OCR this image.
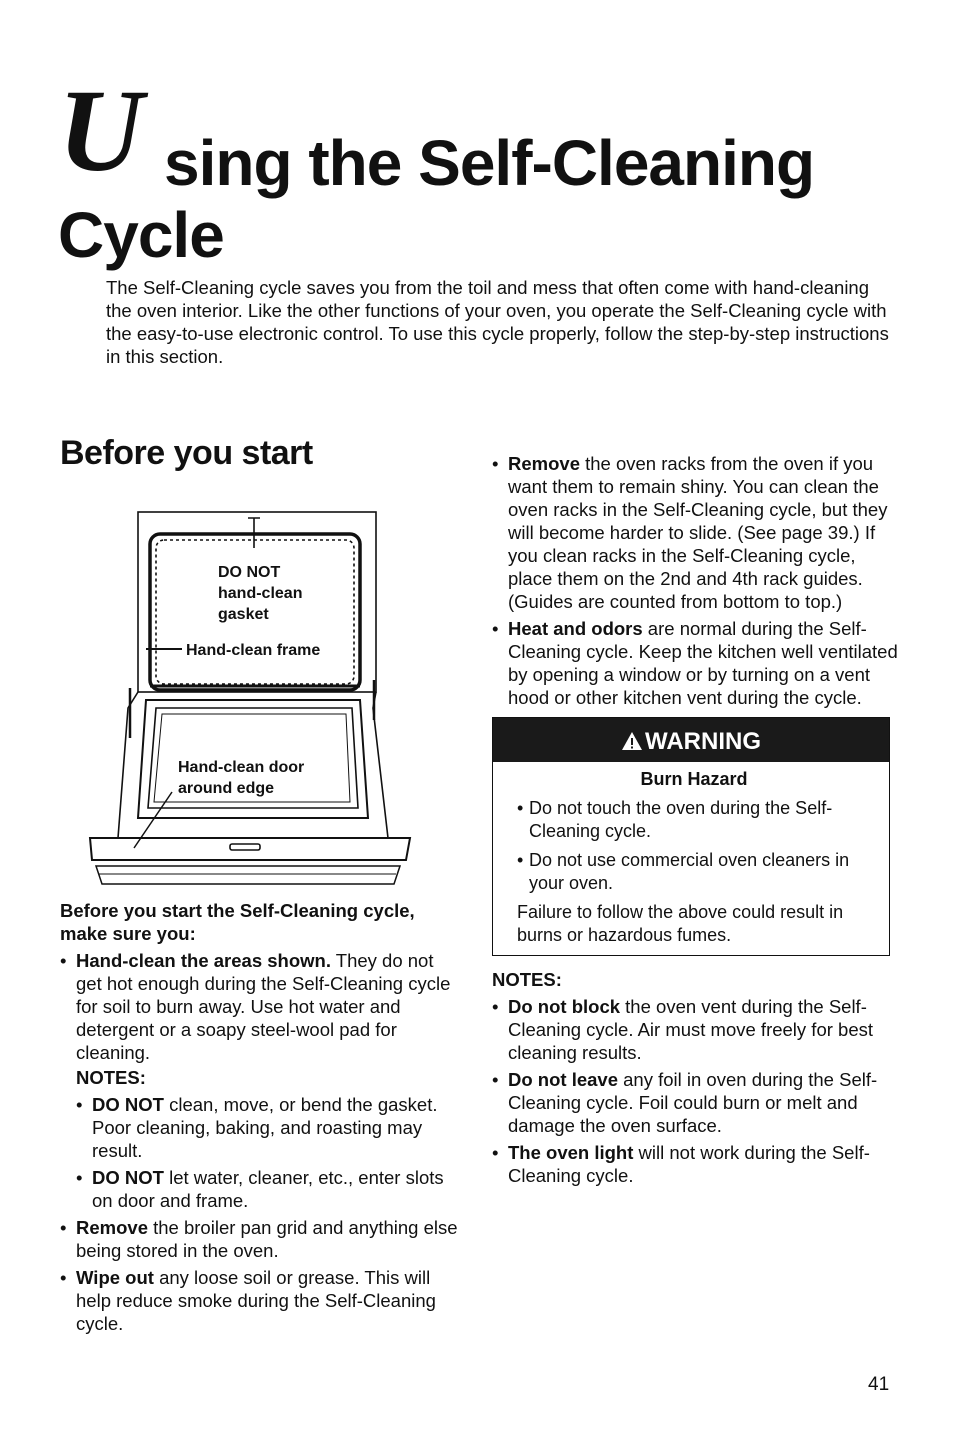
U sing the Self-Cleaning
Cycle
The Self-Cleaning cycle saves you from the toil and mess that often come with hand-cleaning the oven interior. Like the other functions of your oven, you operate the Self-Cleaning cycle with the easy-to-use electronic control. To use this cycle properly, follow the step-by-step instructions in this section.
Before you start
DO NOT
hand-clean
gasket
Hand-clean frame
Hand-clean door
around edge
Before you start the Self-Cleaning cycle,
make sure you:
• Hand-clean the areas shown. They do not get hot enough during the Self-Cleaning cycle for soil to burn away. Use hot water and detergent or a soapy steel-wool pad for cleaning.
NOTES:
• DO NOT clean, move, or bend the gasket. Poor cleaning, baking, and roasting may result.
• DO NOT let water, cleaner, etc., enter slots on door and frame.
• Remove the broiler pan grid and anything else being stored in the oven.
• Wipe out any loose soil or grease. This will help reduce smoke during the Self-Cleaning cycle.
• Remove the oven racks from the oven if you want them to remain shiny. You can clean the oven racks in the Self-Cleaning cycle, but they will become harder to slide. (See page 39.) If you clean racks in the Self-Cleaning cycle, place them on the 2nd and 4th rack guides. (Guides are counted from bottom to top.)
• Heat and odors are normal during the Self-Cleaning cycle. Keep the kitchen well ventilated by opening a window or by turning on a vent hood or other kitchen vent during the cycle.
WARNING
Burn Hazard
• Do not touch the oven during the Self-Cleaning cycle.
• Do not use commercial oven cleaners in your oven.
Failure to follow the above could result in burns or hazardous fumes.
NOTES:
• Do not block the oven vent during the Self-Cleaning cycle. Air must move freely for best cleaning results.
• Do not leave any foil in oven during the Self-Cleaning cycle. Foil could burn or melt and damage the oven surface.
• The oven light will not work during the Self-Cleaning cycle.
41
